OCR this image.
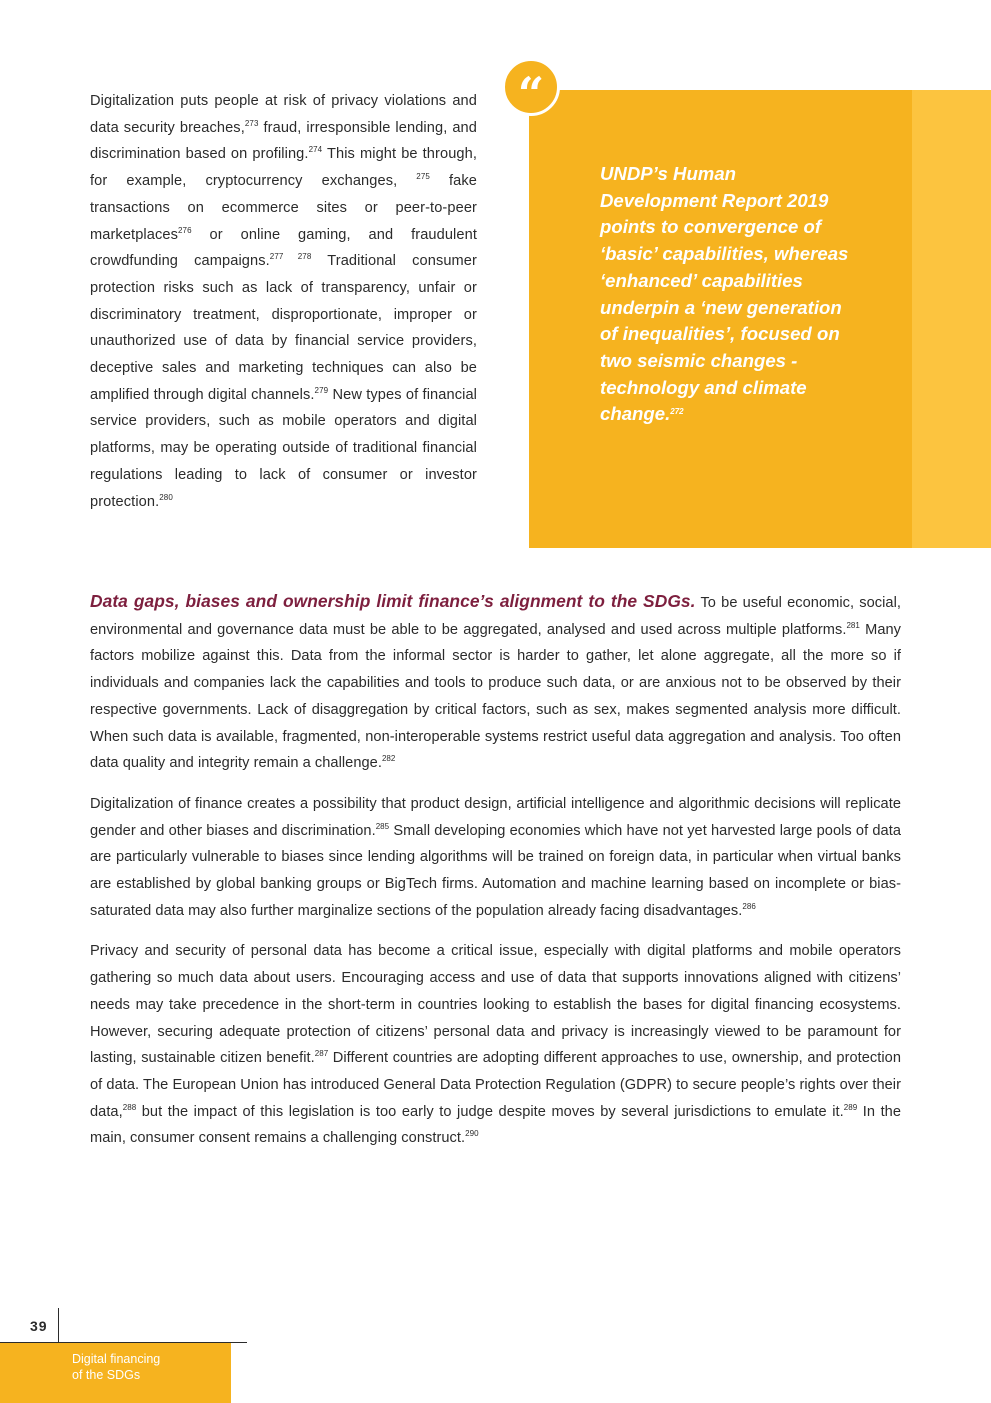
Digitalization puts people at risk of privacy violations and data security breaches,$^{273}$ fraud, irresponsible lending, and discrimination based on profiling.$^{274}$ This might be through, for example, cryptocurrency exchanges, $^{275}$ fake transactions on ecommerce sites or peer-to-peer marketplaces$^{276}$ or online gaming, and fraudulent crowdfunding campaigns.$^{277 278}$ Traditional consumer protection risks such as lack of transparency, unfair or discriminatory treatment, disproportionate, improper or unauthorized use of data by financial service providers, deceptive sales and marketing techniques can also be amplified through digital channels.$^{279}$ New types of financial service providers, such as mobile operators and digital platforms, may be operating outside of traditional financial regulations leading to lack of consumer or investor protection.$^{280}$
“

UNDP’s Human Development Report 2019 points to convergence of ‘basic’ capabilities, whereas ‘enhanced’ capabilities underpin a ‘new generation of inequalities’, focused on two seismic changes - technology and climate change.$^{272}$

Data gaps, biases and ownership limit finance’s alignment to the SDGs. To be useful economic, social, environmental and governance data must be able to be aggregated, analysed and used across multiple platforms.$^{281}$ Many factors mobilize against this. Data from the informal sector is harder to gather, let alone aggregate, all the more so if individuals and companies lack the capabilities and tools to produce such data, or are anxious not to be observed by their respective governments. Lack of disaggregation by critical factors, such as sex, makes segmented analysis more difficult. When such data is available, fragmented, non-interoperable systems restrict useful data aggregation and analysis. Too often data quality and integrity remain a challenge.$^{282}$

Digitalization of finance creates a possibility that product design, artificial intelligence and algorithmic decisions will replicate gender and other biases and discrimination.$^{285}$ Small developing economies which have not yet harvested large pools of data are particularly vulnerable to biases since lending algorithms will be trained on foreign data, in particular when virtual banks are established by global banking groups or BigTech firms. Automation and machine learning based on incomplete or bias-saturated data may also further marginalize sections of the population already facing disadvantages.$^{286}$

Privacy and security of personal data has become a critical issue, especially with digital platforms and mobile operators gathering so much data about users. Encouraging access and use of data that supports innovations aligned with citizens’ needs may take precedence in the short-term in countries looking to establish the bases for digital financing ecosystems. However, securing adequate protection of citizens’ personal data and privacy is increasingly viewed to be paramount for lasting, sustainable citizen benefit.$^{287}$ Different countries are adopting different approaches to use, ownership, and protection of data. The European Union has introduced General Data Protection Regulation (GDPR) to secure people’s rights over their data,$^{288}$ but the impact of this legislation is too early to judge despite moves by several jurisdictions to emulate it.$^{289}$ In the main, consumer consent remains a challenging construct.$^{290}$

39
Digital financing
of the SDGs
